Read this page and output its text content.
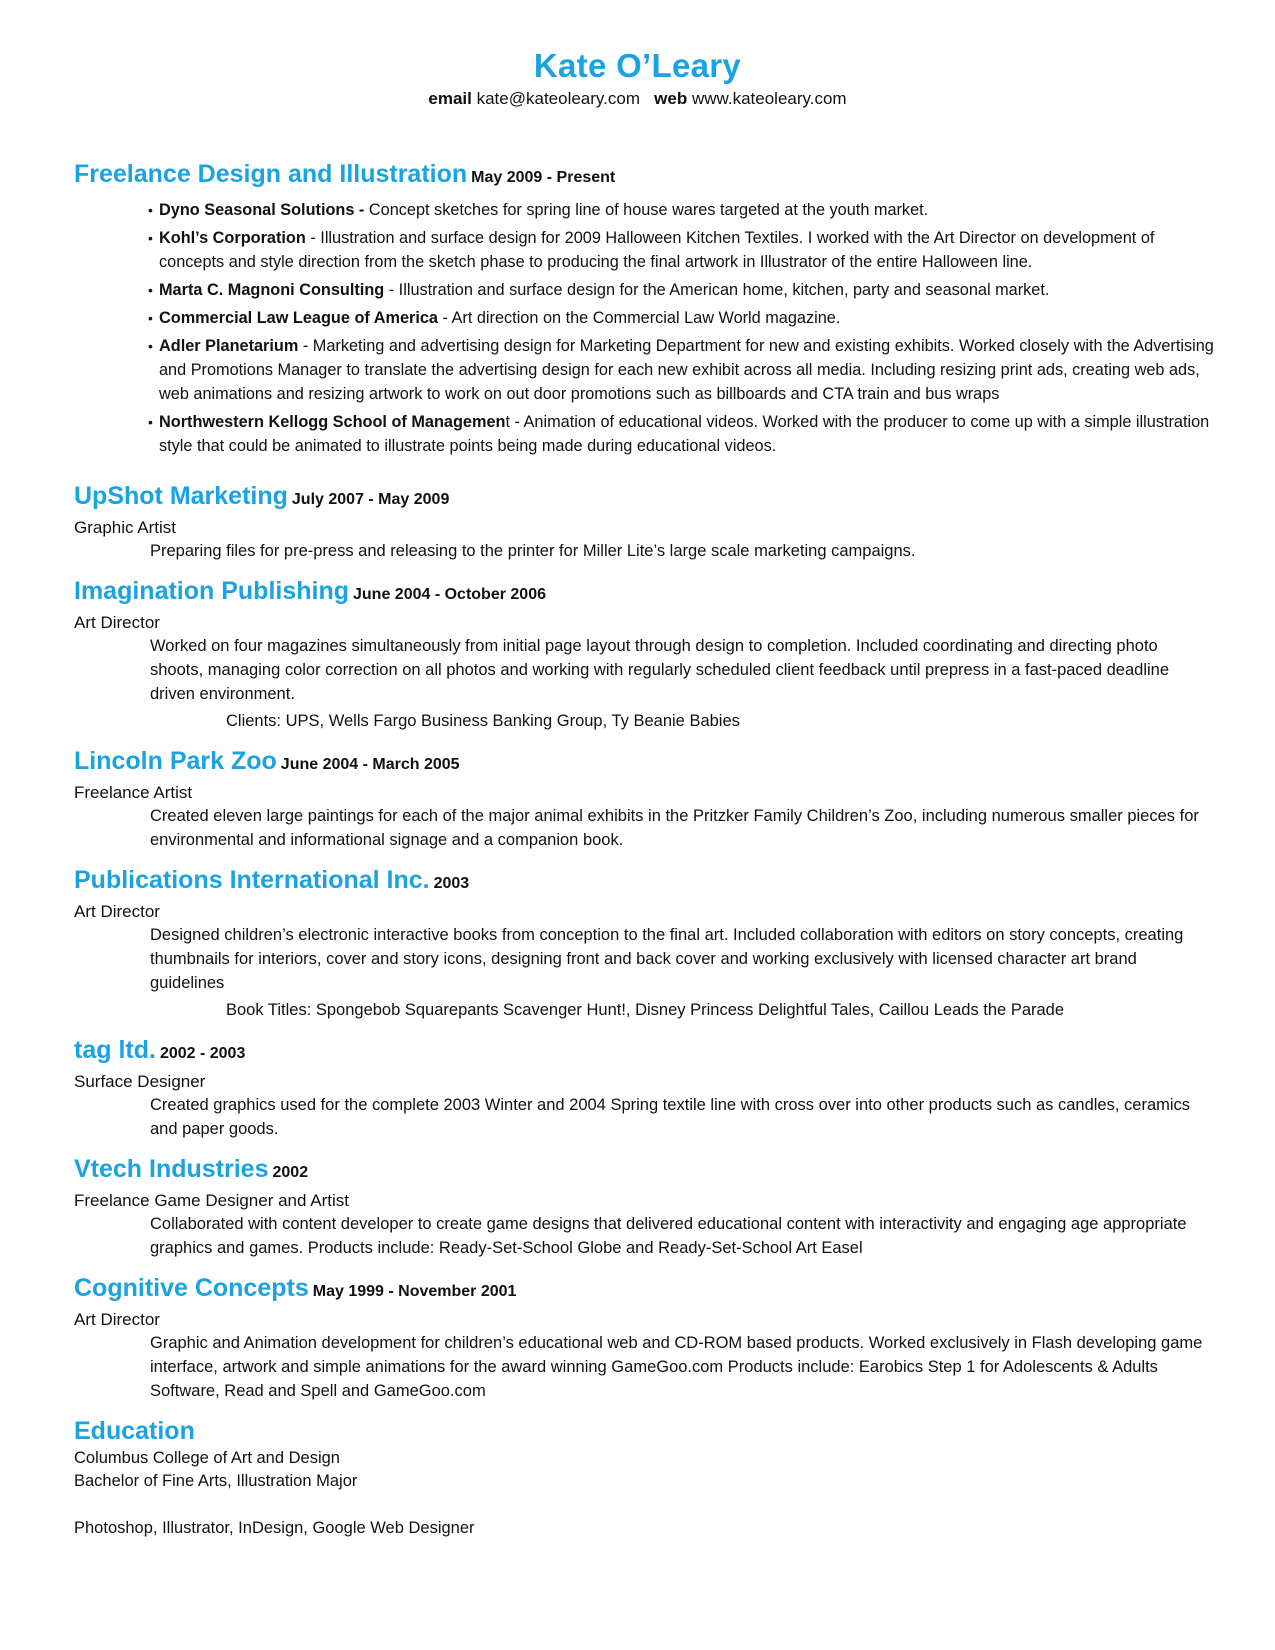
Kate O’Leary
email kate@kateoleary.com web www.kateoleary.com
Freelance Design and Illustration May 2009 - Present
• Dyno Seasonal Solutions - Concept sketches for spring line of house wares targeted at the youth market.
• Kohl’s Corporation - Illustration and surface design for 2009 Halloween Kitchen Textiles. I worked with the Art Director on development of concepts and style direction from the sketch phase to producing the final artwork in Illustrator of the entire Halloween line.
• Marta C. Magnoni Consulting - Illustration and surface design for the American home, kitchen, party and seasonal market.
• Commercial Law League of America - Art direction on the Commercial Law World magazine.
• Adler Planetarium - Marketing and advertising design for Marketing Department for new and existing exhibits. Worked closely with the Advertising and Promotions Manager to translate the advertising design for each new exhibit across all media. Including resizing print ads, creating web ads, web animations and resizing artwork to work on out door promotions such as billboards and CTA train and bus wraps
• Northwestern Kellogg School of Management - Animation of educational videos. Worked with the producer to come up with a simple illustration style that could be animated to illustrate points being made during educational videos.
UpShot Marketing July 2007 - May 2009
Graphic Artist
Preparing files for pre-press and releasing to the printer for Miller Lite’s large scale marketing campaigns.
Imagination Publishing June 2004 - October 2006
Art Director
Worked on four magazines simultaneously from initial page layout through design to completion. Included coordinating and directing photo shoots, managing color correction on all photos and working with regularly scheduled client feedback until prepress in a fast-paced deadline driven environment.
Clients: UPS, Wells Fargo Business Banking Group, Ty Beanie Babies
Lincoln Park Zoo June 2004 - March 2005
Freelance Artist
Created eleven large paintings for each of the major animal exhibits in the Pritzker Family Children’s Zoo, including numerous smaller pieces for environmental and informational signage and a companion book.
Publications International Inc. 2003
Art Director
Designed children’s electronic interactive books from conception to the final art. Included collaboration with editors on story concepts, creating thumbnails for interiors, cover and story icons, designing front and back cover and working exclusively with licensed character art brand guidelines
Book Titles: Spongebob Squarepants Scavenger Hunt!, Disney Princess Delightful Tales, Caillou Leads the Parade
tag ltd. 2002 - 2003
Surface Designer
Created graphics used for the complete 2003 Winter and 2004 Spring textile line with cross over into other products such as candles, ceramics and paper goods.
Vtech Industries 2002
Freelance Game Designer and Artist
Collaborated with content developer to create game designs that delivered educational content with interactivity and engaging age appropriate graphics and games. Products include: Ready-Set-School Globe and Ready-Set-School Art Easel
Cognitive Concepts May 1999 - November 2001
Art Director
Graphic and Animation development for children’s educational web and CD-ROM based products. Worked exclusively in Flash developing game interface, artwork and simple animations for the award winning GameGoo.com Products include: Earobics Step 1 for Adolescents & Adults Software, Read and Spell and GameGoo.com
Education
Columbus College of Art and Design
Bachelor of Fine Arts, Illustration Major
Photoshop, Illustrator, InDesign, Google Web Designer
